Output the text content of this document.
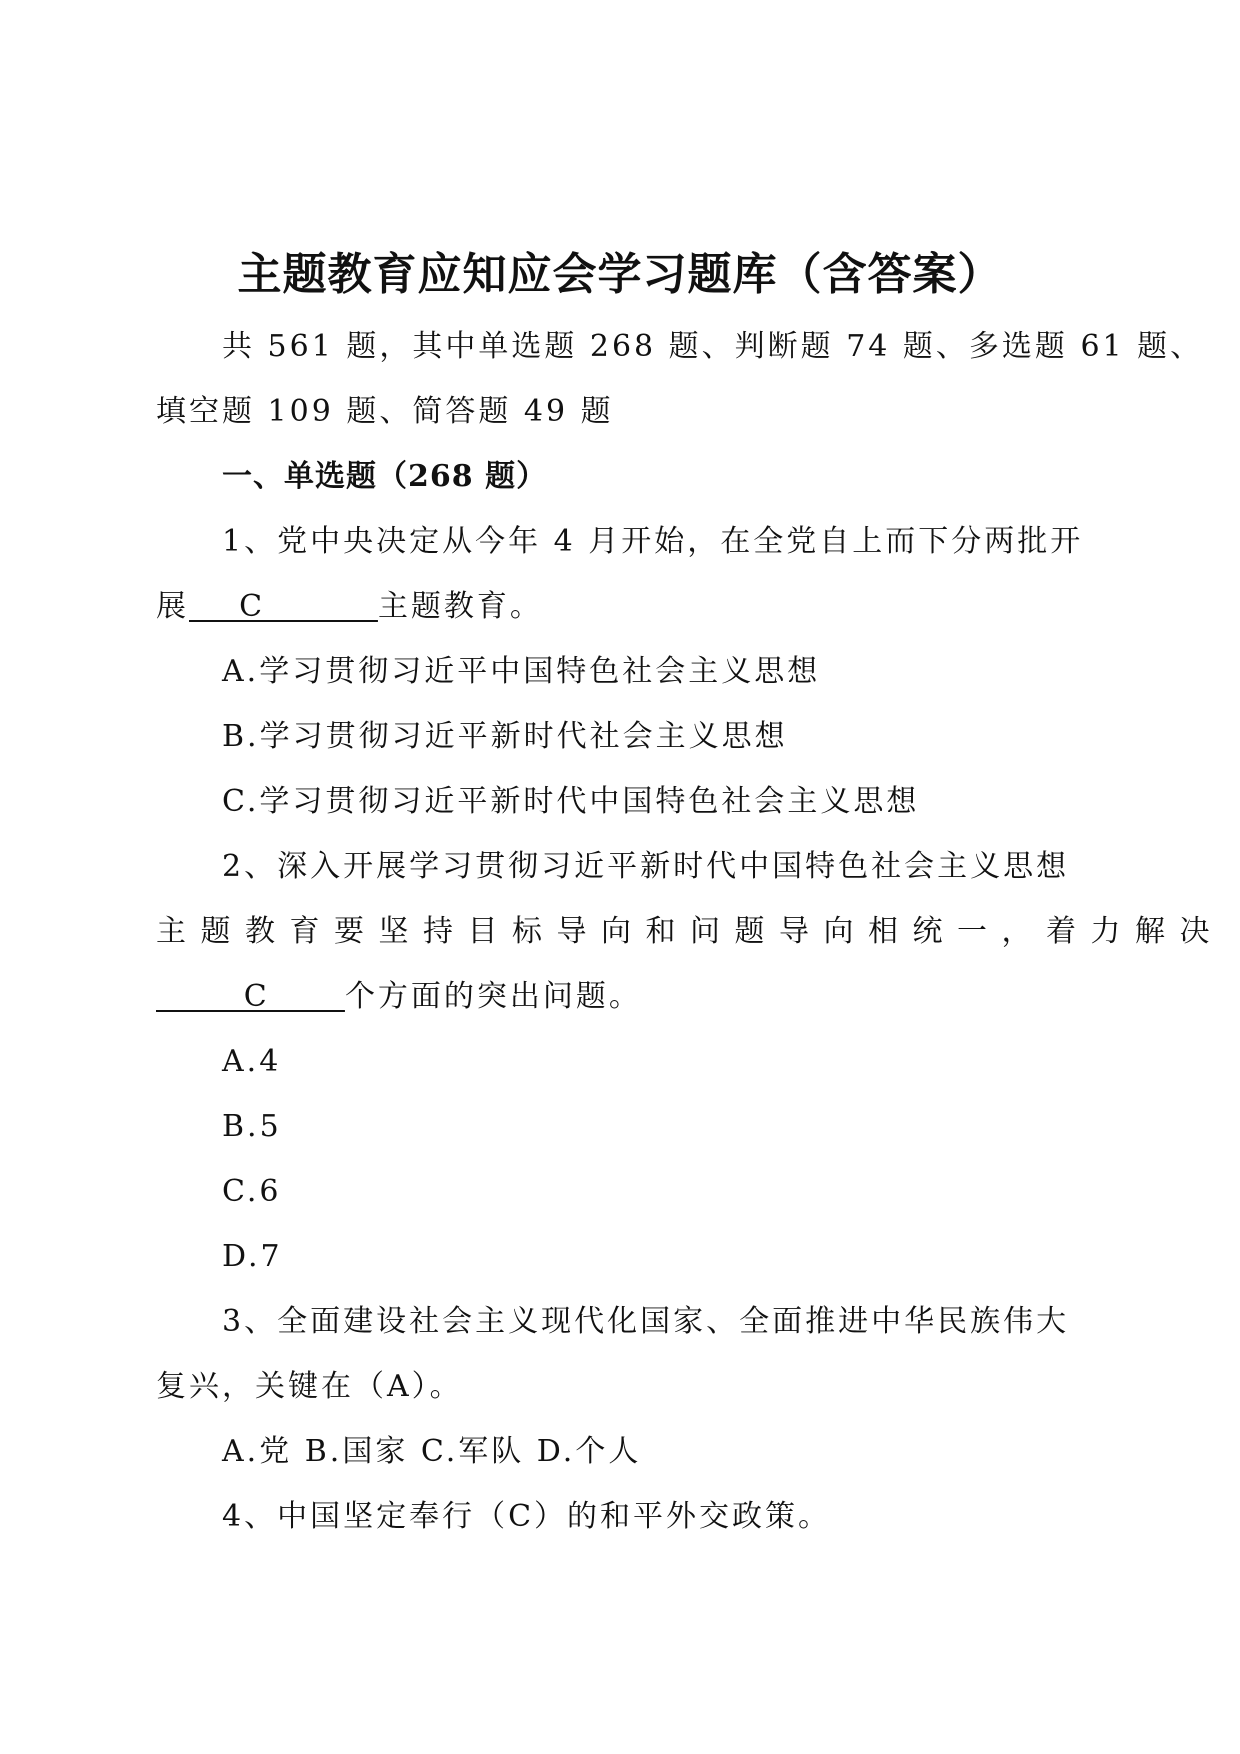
主题教育应知应会学习题库（含答案）
共 561 题，其中单选题 268 题、判断题 74 题、多选题 61 题、
填空题 109 题、简答题 49 题
一、单选题（268 题）
1、党中央决定从今年 4 月开始，在全党自上而下分两批开
展    C         主题教育。
A.学习贯彻习近平中国特色社会主义思想
B.学习贯彻习近平新时代社会主义思想
C.学习贯彻习近平新时代中国特色社会主义思想
2、深入开展学习贯彻习近平新时代中国特色社会主义思想
主题教育要坚持目标导向和问题导向相统一，着力解决
C      个方面的突出问题。
A.4
B.5
C.6
D.7
3、全面建设社会主义现代化国家、全面推进中华民族伟大
复兴，关键在（A）。
A.党 B.国家 C.军队 D.个人
4、中国坚定奉行（C）的和平外交政策。
